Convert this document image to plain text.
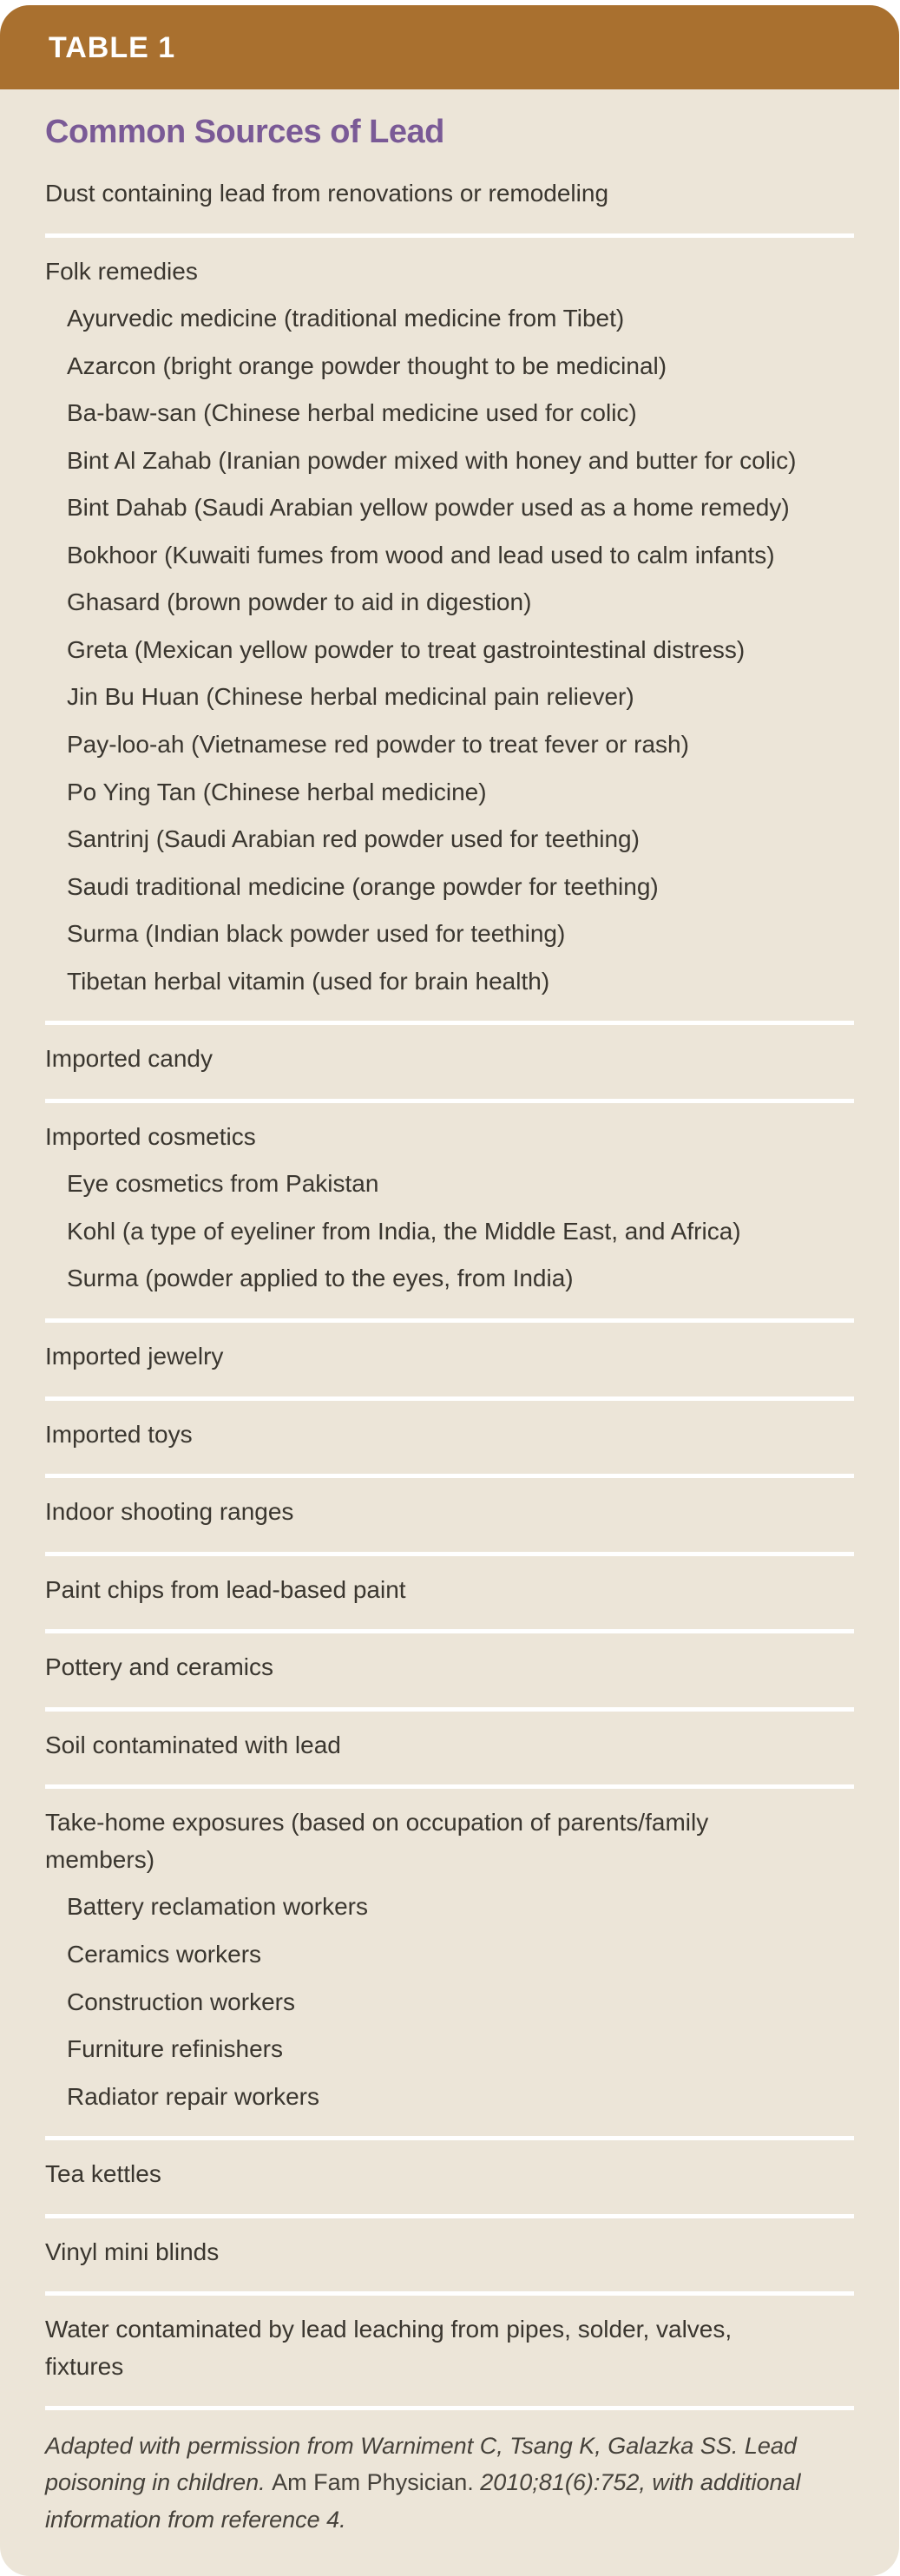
TABLE 1
Common Sources of Lead
Dust containing lead from renovations or remodeling
Folk remedies
Ayurvedic medicine (traditional medicine from Tibet)
Azarcon (bright orange powder thought to be medicinal)
Ba-baw-san (Chinese herbal medicine used for colic)
Bint Al Zahab (Iranian powder mixed with honey and butter for colic)
Bint Dahab (Saudi Arabian yellow powder used as a home remedy)
Bokhoor (Kuwaiti fumes from wood and lead used to calm infants)
Ghasard (brown powder to aid in digestion)
Greta (Mexican yellow powder to treat gastrointestinal distress)
Jin Bu Huan (Chinese herbal medicinal pain reliever)
Pay-loo-ah (Vietnamese red powder to treat fever or rash)
Po Ying Tan (Chinese herbal medicine)
Santrinj (Saudi Arabian red powder used for teething)
Saudi traditional medicine (orange powder for teething)
Surma (Indian black powder used for teething)
Tibetan herbal vitamin (used for brain health)
Imported candy
Imported cosmetics
Eye cosmetics from Pakistan
Kohl (a type of eyeliner from India, the Middle East, and Africa)
Surma (powder applied to the eyes, from India)
Imported jewelry
Imported toys
Indoor shooting ranges
Paint chips from lead-based paint
Pottery and ceramics
Soil contaminated with lead
Take-home exposures (based on occupation of parents/family members)
Battery reclamation workers
Ceramics workers
Construction workers
Furniture refinishers
Radiator repair workers
Tea kettles
Vinyl mini blinds
Water contaminated by lead leaching from pipes, solder, valves, fixtures

Adapted with permission from Warniment C, Tsang K, Galazka SS. Lead poisoning in children. Am Fam Physician. 2010;81(6):752, with additional information from reference 4.
